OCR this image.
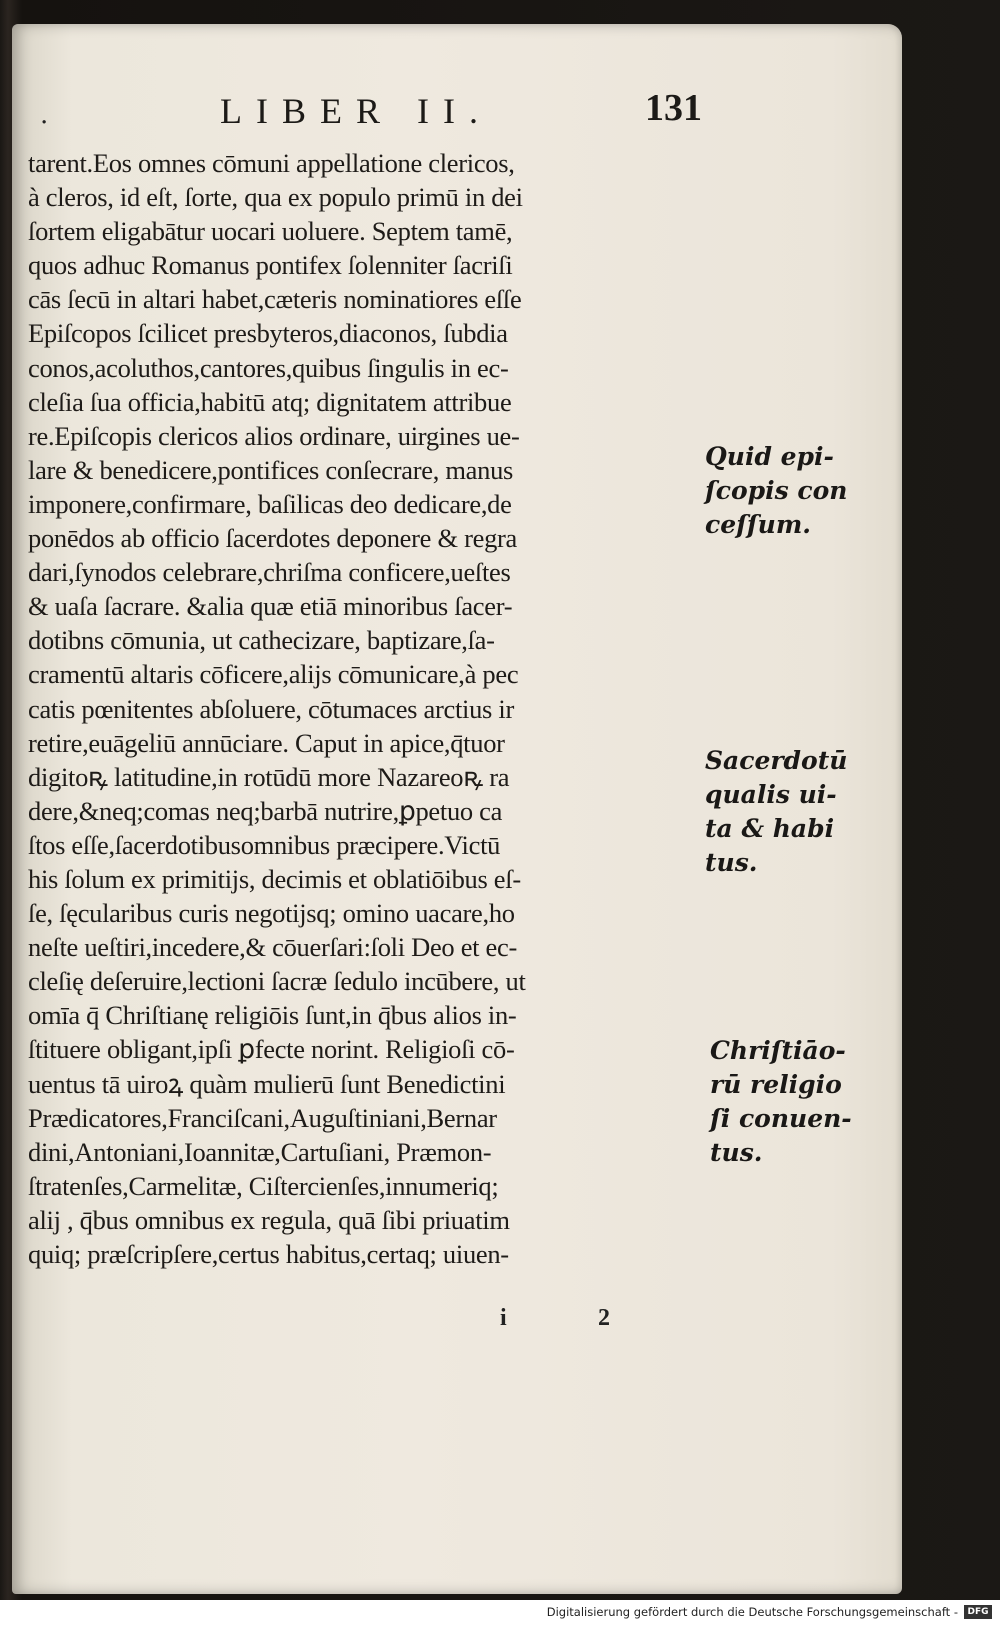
.	LIBER II.	131
tarent.Eos omnes cōmuni appellatione clericos,
à cleros, id eſt, ſorte, qua ex populo primū in dei
ſortem eligabātur uocari uoluere. Septem tamē,
quos adhuc Romanus pontifex ſolenniter ſacriſi
cās ſecū in altari habet,cæteris nominatiores eſſe
Epiſcopos ſcilicet presbyteros,diaconos, ſubdia
conos,acoluthos,cantores,quibus ſingulis in ec-
cleſia ſua officia,habitū atq; dignitatem attribue
re.Epiſcopis clericos alios ordinare, uirgines ue-
lare & benedicere,pontifices conſecrare, manus
imponere,confirmare, baſilicas deo dedicare,de
ponēdos ab officio ſacerdotes deponere & regra
dari,ſynodos celebrare,chriſma conficere,ueſtes
& uaſa ſacrare. &alia quæ etiā minoribus ſacer-
dotibns cōmunia, ut cathecizare, baptizare,ſa-
cramentū altaris cōficere,alijs cōmunicare,à pec
catis pœnitentes abſoluere, cōtumaces arctius ir
retire,euāgeliū annūciare. Caput in apice,q̄tuor
digitoꝶ latitudine,in rotūdū more Nazareoꝶ ra
dere,&neq;comas neq;barbā nutrire,ꝑpetuo ca
ſtos eſſe,ſacerdotibusomnibus præcipere.Victū
his ſolum ex primitijs, decimis et oblatiōibus eſ-
ſe, ſęcularibus curis negotijsq; omino uacare,ho
neſte ueſtiri,incedere,& cōuerſari:ſoli Deo et ec-
cleſię deſeruire,lectioni ſacræ ſedulo incūbere, ut
omīa q̄ Chriſtianę religiōis ſunt,in q̄bus alios in-
ſtituere obligant,ipſi ꝑfecte norint. Religioſi cō-
uentus tā uiroꝝ quàm mulierū ſunt Benedictini
Prædicatores,Franciſcani,Auguſtiniani,Bernar
dini,Antoniani,Ioannitæ,Cartuſiani, Præmon-
ſtratenſes,Carmelitæ, Ciſtercienſes,innumeriq;
alij , q̄bus omnibus ex regula, quā ſibi priuatim
quiq; præſcripſere,certus habitus,certaq; uiuen-
Quid epi-
ſcopis con
ceſſum.
Sacerdotū
qualis ui-
ta & habi
tus.
Chriſtiāo-
rū religio
ſi conuen-
tus.
i	2
Digitalisierung gefördert durch die Deutsche Forschungsgemeinschaft -	DFG
